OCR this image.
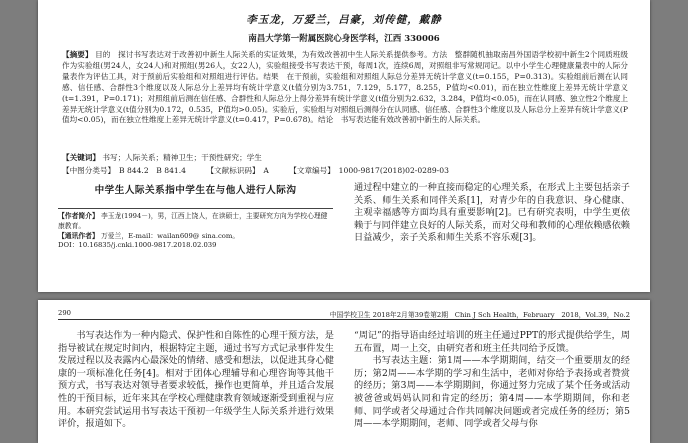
李玉龙，万爱兰，吕豪，刘传健，戴静
南昌大学第一附属医院心身医学科，江西 330006
【摘要】 目的　探讨书写表达对于改善初中新生人际关系的实证效果，为有效改善初中生人际关系提供参考。方法　整群随机抽取南昌外国语学校初中新生2个同质班级作为实验组(男24人，女24人)和对照组(男26人，女22人)，实验组接受书写表达干预，每周1次，连续6周，对照组非写常规同记。以中小学生心理健康量表中的人际分量表作为评估工具，对于预前后实验组和对照组进行评估。结果　在干预前，实验组和对照组人际总分差异无统计学意义(t=0.155，P=0.313)。实验组前后测在认同感、信任感、合群性3个维度以及人际总分上差异均有统计学意义(t值分别为3.751，7.129，5.177，8.255，P值均<0.01)，而在独立性维度上差异无统计学意义(t=1.391，P=0.171)；对照组前后测在信任感、合群性和人际总分上得分差异有统计学意义(t值分别为2.632，3.284，P值均<0.05)，而在认同感、独立性2个维度上差异无统计学意义(t值分别为0.172，0.535，P值均>0.05)。实验后，实验组与对照组后测得分在认同感、信任感、合群性3个维度以及人际总分上差异有统计学意义(P值均<0.05)，而在独立性维度上差异无统计学意义(t=0.417，P=0.678)。结论　书写表达能有效改善初中新生的人际关系。
【关键词】 书写；人际关系；精神卫生；干预性研究；学生
【中图分类号】　B 844.2　B 841.4	【文献标识码】　A	【文章编号】　1000-9817(2018)02-0289-03
中学生人际关系指中学生在与他人进行人际沟
【作者简介】 李玉龙(1994－)，男，江西上饶人，在读硕士，主要研究方向为学校心理健康教育。
【通讯作者】 万爱兰，E-mail：wailan609@ sina.com。
DOI：10.16835/j.cnki.1000-9817.2018.02.039
通过程中建立的一种直接而稳定的心理关系，在形式上主要包括亲子关系、师生关系和同伴关系[1]，对青少年的自我意识、身心健康、主观幸福感等方面均具有重要影响[2]。已有研究表明，中学生更依赖于与同伴建立良好的人际关系，而对父母和教师的心理依赖感依赖日益减少，亲子关系和师生关系不容乐观[3]。
290	中国学校卫生 2018年2月第39卷第2期　Chin J Sch Health，February　2018，Vol.39，No.2

书写表达作为一种内隐式、保护性和自陈性的心理干预方法，是指导被试在规定时间内，根据特定主题，通过书写方式记录事件发生发展过程以及表露内心最深处的情绪、感受和想法，以促进其身心健康的一项标准化任务[4]。相对于团体心理辅导和心理咨询等其他干预方式，书写表达对领导者要求较低，操作也更简单，并且适合发展性的干预目标，近年来其在学校心理健康教育领域逐渐受到重视与应用。本研究尝试运用书写表达干预初一年级学生人际关系并进行效果评价，报道如下。
“周记”的指导语由经过培训的班主任通过PPT的形式提供给学生，周五布置，周一上交，由研究者和班主任共同给予反馈。
书写表达主题：第1周——本学期期间，结交一个重要朋友的经历；第2周——本学期的学习和生活中，老师对你给予表扬或者赞赏的经历；第3周——本学期期间，你通过努力完成了某个任务或活动被爸爸或妈妈认同和肯定的经历；第4周——本学期期间，你和老师、同学或者父母通过合作共同解决问题或者完成任务的经历；第5周——本学期期间，老师、同学或者父母与你
